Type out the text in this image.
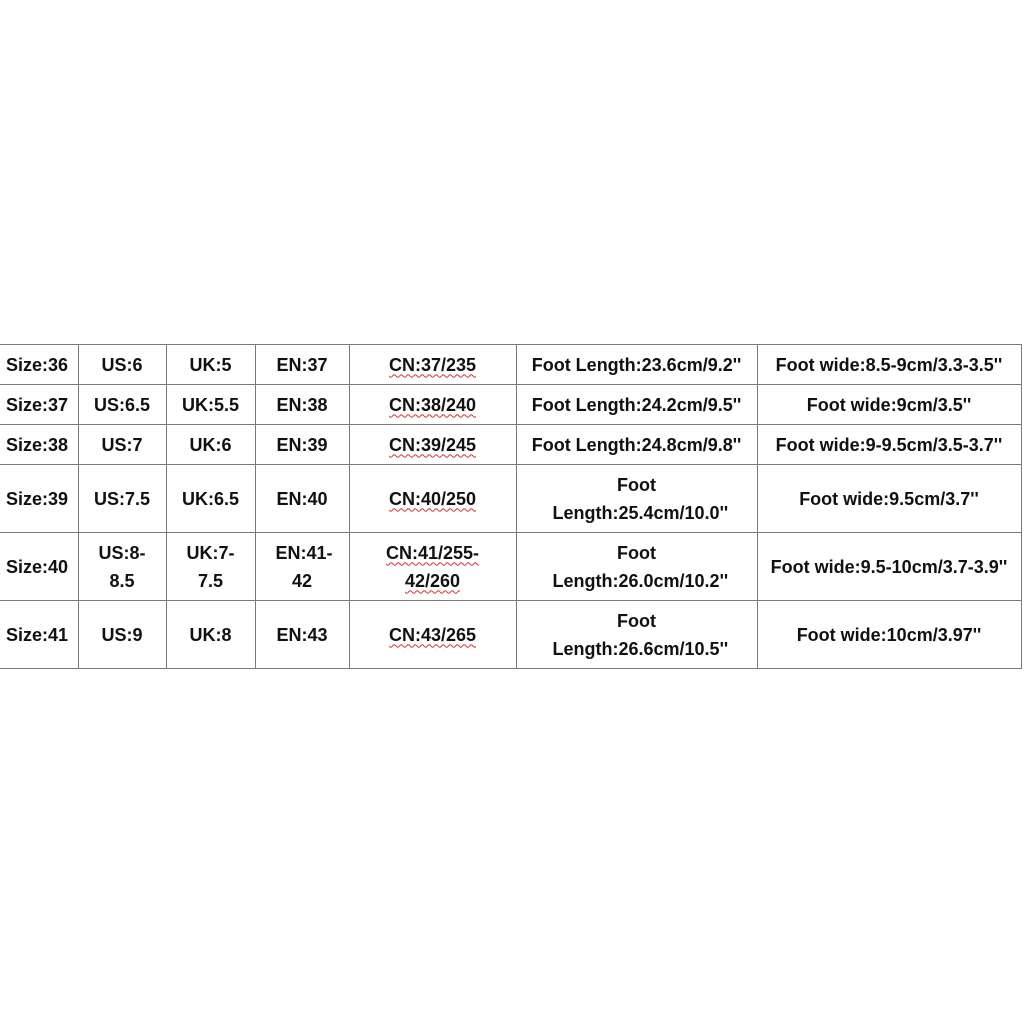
Size:36	US:6	UK:5	EN:37	CN:37/235	Foot Length:23.6cm/9.2''	Foot wide:8.5-9cm/3.3-3.5''
Size:37	US:6.5	UK:5.5	EN:38	CN:38/240	Foot Length:24.2cm/9.5''	Foot wide:9cm/3.5''
Size:38	US:7	UK:6	EN:39	CN:39/245	Foot Length:24.8cm/9.8''	Foot wide:9-9.5cm/3.5-3.7''
Size:39	US:7.5	UK:6.5	EN:40	CN:40/250	Foot Length:25.4cm/10.0''	Foot wide:9.5cm/3.7''
Size:40	US:8-8.5	UK:7-7.5	EN:41-42	CN:41/255-42/260	Foot Length:26.0cm/10.2''	Foot wide:9.5-10cm/3.7-3.9''
Size:41	US:9	UK:8	EN:43	CN:43/265	Foot Length:26.6cm/10.5''	Foot wide:10cm/3.97''
